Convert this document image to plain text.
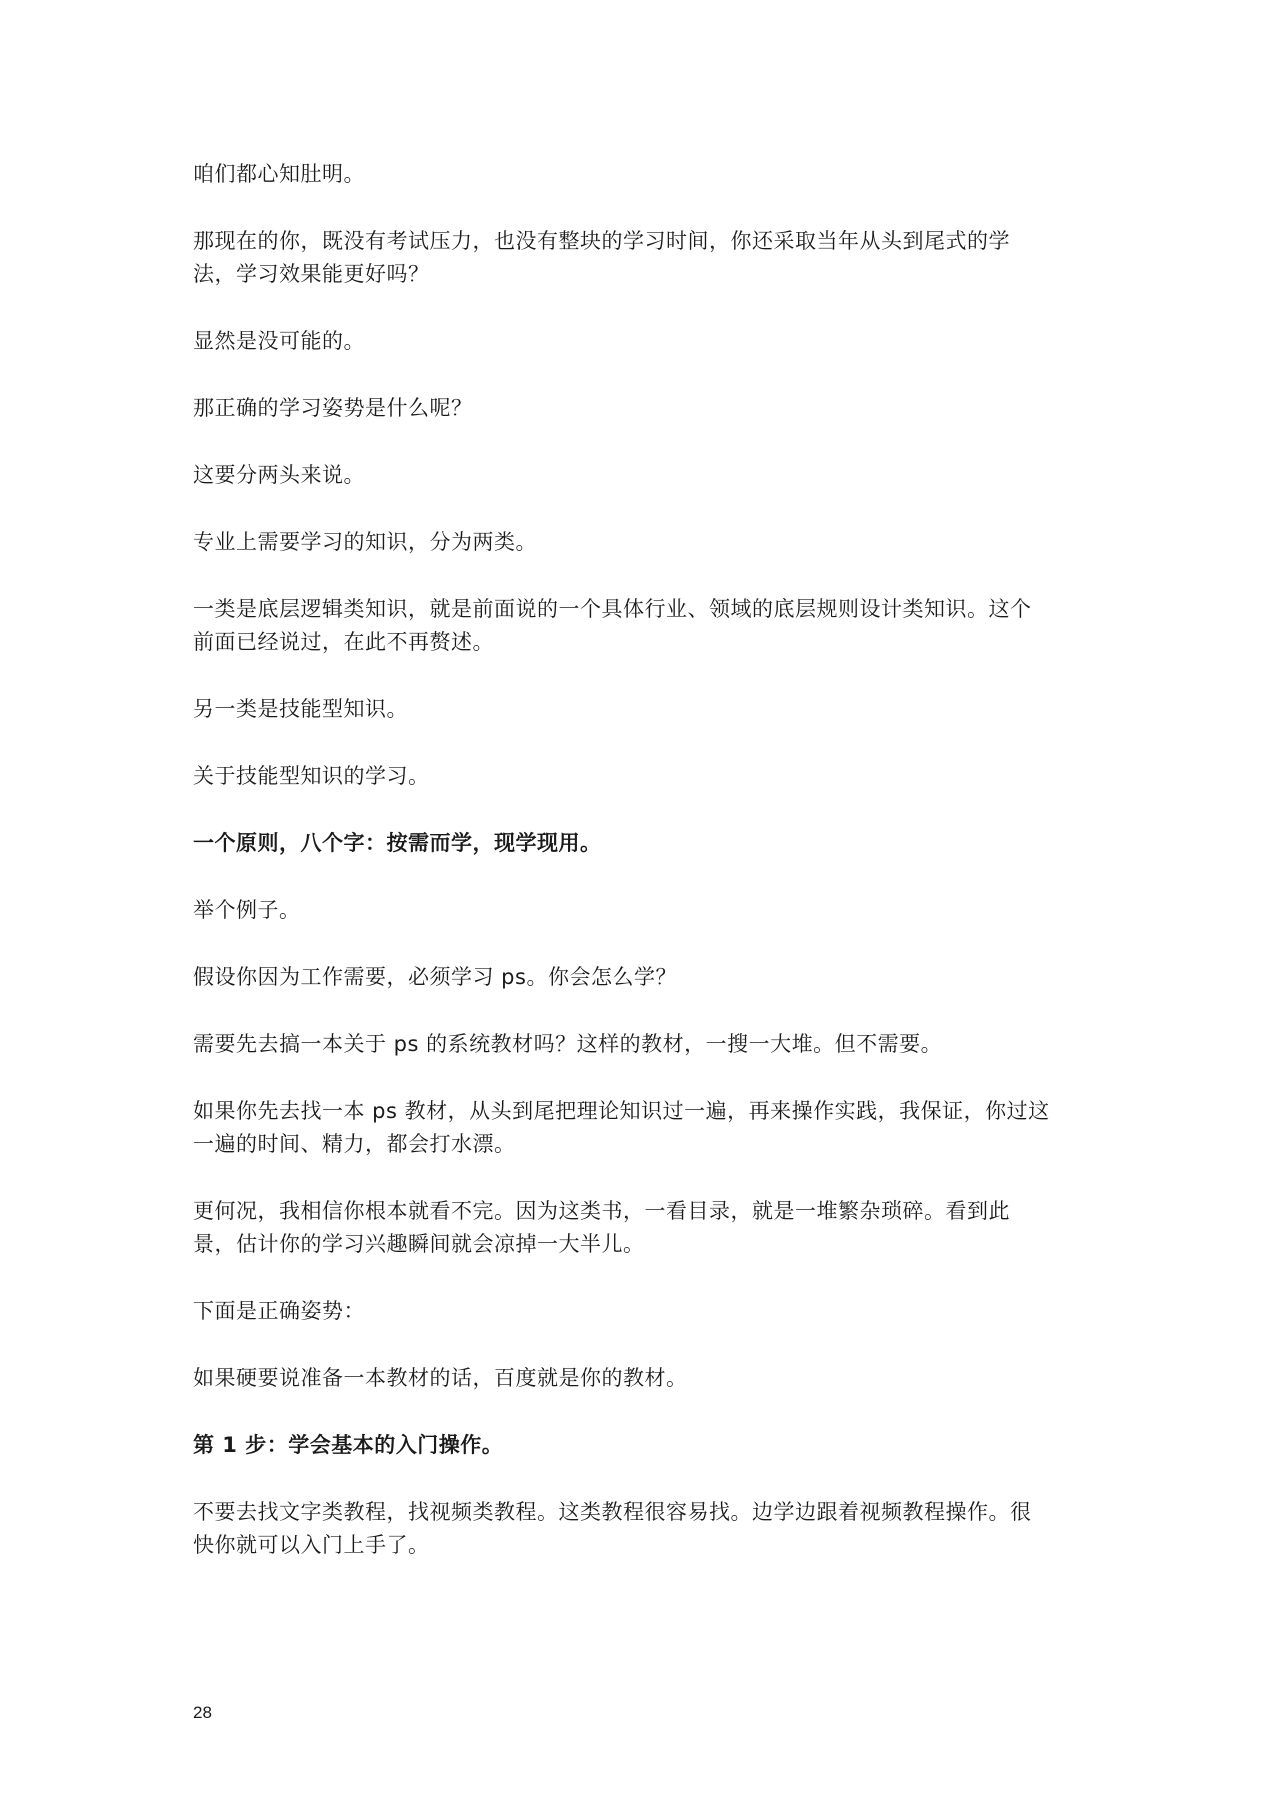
咱们都心知肚明。

那现在的你，既没有考试压力，也没有整块的学习时间，你还采取当年从头到尾式的学
法，学习效果能更好吗？

显然是没可能的。

那正确的学习姿势是什么呢？

这要分两头来说。

专业上需要学习的知识，分为两类。

一类是底层逻辑类知识，就是前面说的一个具体行业、领域的底层规则设计类知识。这个
前面已经说过，在此不再赘述。

另一类是技能型知识。

关于技能型知识的学习。

一个原则，八个字：按需而学，现学现用。

举个例子。

假设你因为工作需要，必须学习 ps。你会怎么学？

需要先去搞一本关于 ps 的系统教材吗？这样的教材，一搜一大堆。但不需要。

如果你先去找一本 ps 教材，从头到尾把理论知识过一遍，再来操作实践，我保证，你过这
一遍的时间、精力，都会打水漂。

更何况，我相信你根本就看不完。因为这类书，一看目录，就是一堆繁杂琐碎。看到此
景，估计你的学习兴趣瞬间就会凉掉一大半儿。

下面是正确姿势：

如果硬要说准备一本教材的话，百度就是你的教材。

第 1 步：学会基本的入门操作。

不要去找文字类教程，找视频类教程。这类教程很容易找。边学边跟着视频教程操作。很
快你就可以入门上手了。

28
